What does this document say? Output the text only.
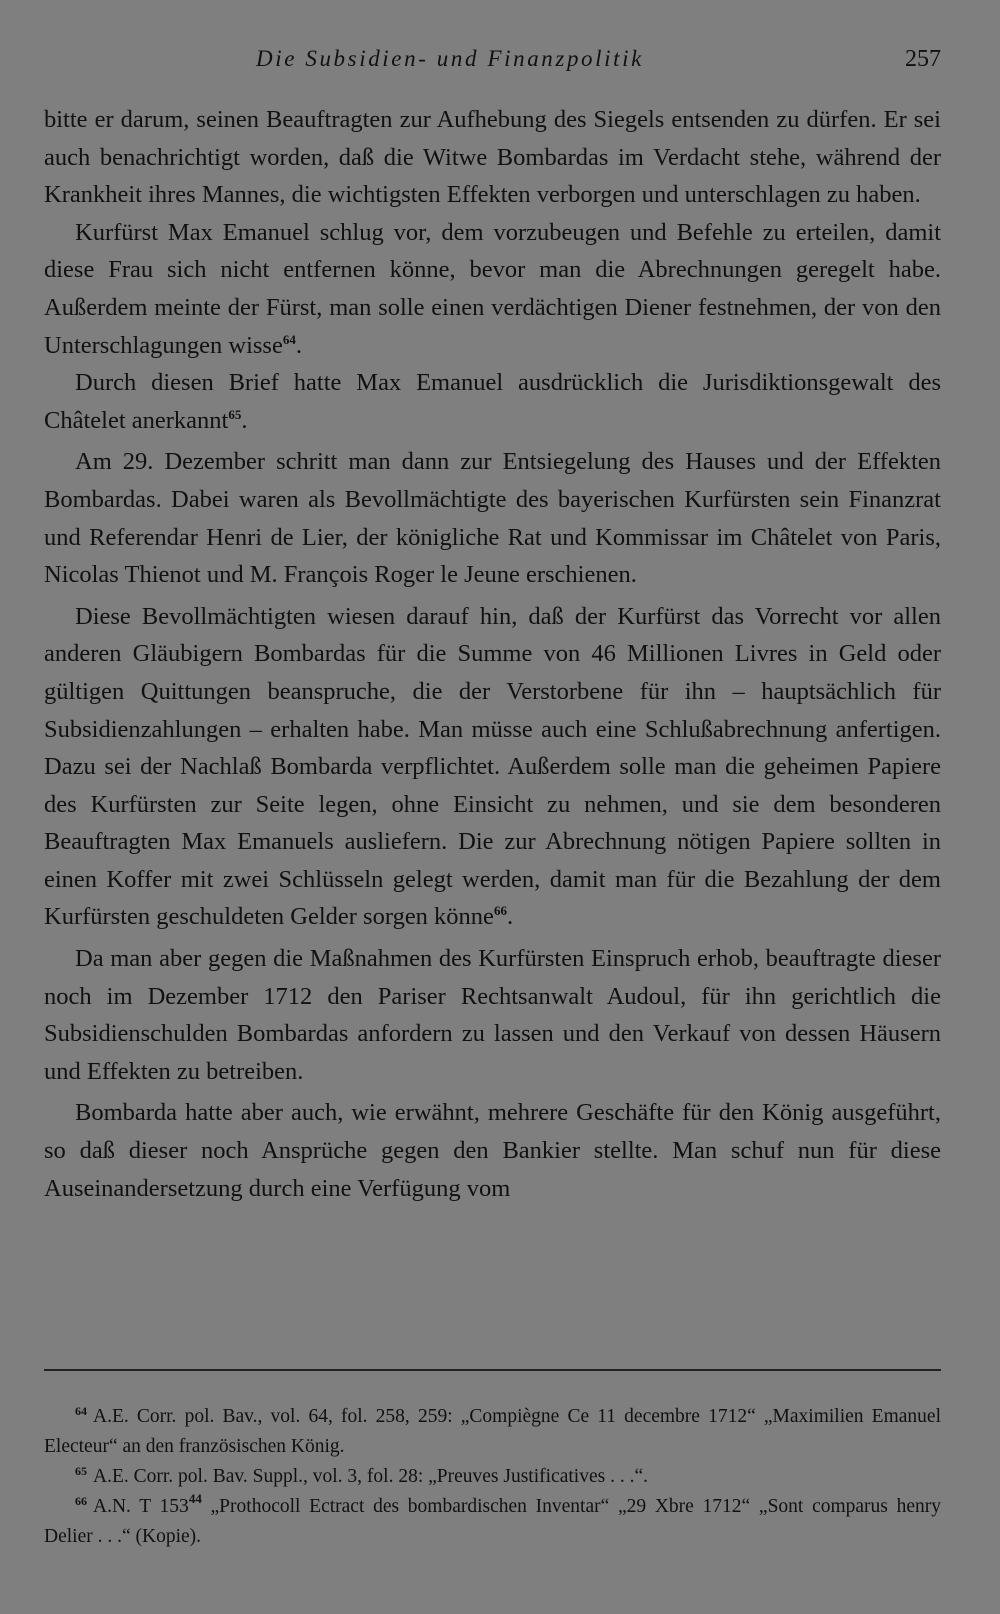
Die Subsidien- und Finanzpolitik	257

bitte er darum, seinen Beauftragten zur Aufhebung des Siegels entsenden zu dürfen. Er sei auch benachrichtigt worden, daß die Witwe Bombardas im Verdacht stehe, während der Krankheit ihres Mannes, die wichtigsten Effekten verborgen und unterschlagen zu haben.

Kurfürst Max Emanuel schlug vor, dem vorzubeugen und Befehle zu erteilen, damit diese Frau sich nicht entfernen könne, bevor man die Abrechnungen geregelt habe. Außerdem meinte der Fürst, man solle einen verdächtigen Diener festnehmen, der von den Unterschlagungen wisse$^{64}$.

Durch diesen Brief hatte Max Emanuel ausdrücklich die Jurisdiktionsgewalt des Châtelet anerkannt$^{65}$.

Am 29. Dezember schritt man dann zur Entsiegelung des Hauses und der Effekten Bombardas. Dabei waren als Bevollmächtigte des bayerischen Kurfürsten sein Finanzrat und Referendar Henri de Lier, der königliche Rat und Kommissar im Châtelet von Paris, Nicolas Thienot und M. François Roger le Jeune erschienen.

Diese Bevollmächtigten wiesen darauf hin, daß der Kurfürst das Vorrecht vor allen anderen Gläubigern Bombardas für die Summe von 46 Millionen Livres in Geld oder gültigen Quittungen beanspruche, die der Verstorbene für ihn – hauptsächlich für Subsidienzahlungen – erhalten habe. Man müsse auch eine Schlußabrechnung anfertigen. Dazu sei der Nachlaß Bombarda verpflichtet. Außerdem solle man die geheimen Papiere des Kurfürsten zur Seite legen, ohne Einsicht zu nehmen, und sie dem besonderen Beauftragten Max Emanuels ausliefern. Die zur Abrechnung nötigen Papiere sollten in einen Koffer mit zwei Schlüsseln gelegt werden, damit man für die Bezahlung der dem Kurfürsten geschuldeten Gelder sorgen könne$^{66}$.

Da man aber gegen die Maßnahmen des Kurfürsten Einspruch erhob, beauftragte dieser noch im Dezember 1712 den Pariser Rechtsanwalt Audoul, für ihn gerichtlich die Subsidienschulden Bombardas anfordern zu lassen und den Verkauf von dessen Häusern und Effekten zu betreiben.

Bombarda hatte aber auch, wie erwähnt, mehrere Geschäfte für den König ausgeführt, so daß dieser noch Ansprüche gegen den Bankier stellte. Man schuf nun für diese Auseinandersetzung durch eine Verfügung vom

$^{64}$ A.E. Corr. pol. Bav., vol. 64, fol. 258, 259: „Compiègne Ce 11 decembre 1712“ „Maximilien Emanuel Electeur“ an den französischen König.

$^{65}$ A.E. Corr. pol. Bav. Suppl., vol. 3, fol. 28: „Preuves Justificatives . . .“.

$^{66}$ A.N. T 153$^{44}$ „Prothocoll Ectract des bombardischen Inventar“ „29 Xbre 1712“ „Sont comparus henry Delier . . .“ (Kopie).
